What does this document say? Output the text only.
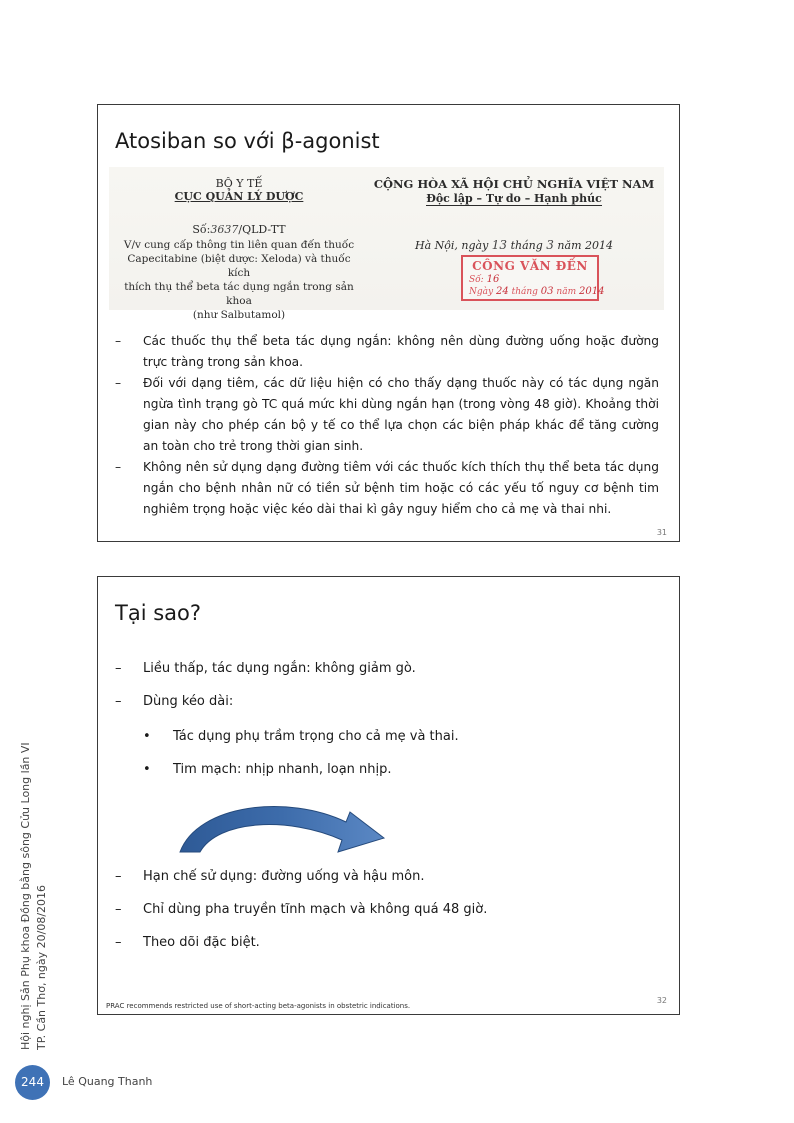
Atosiban so với β-agonist
BỘ Y TẾ
CỤC QUẢN LÝ DƯỢC
Số:3637/QLD-TT
V/v cung cấp thông tin liên quan đến thuốc
Capecitabine (biệt dược: Xeloda) và thuốc kích
thích thụ thể beta tác dụng ngắn trong sản khoa
(như Salbutamol)
CỘNG HÒA XÃ HỘI CHỦ NGHĨA VIỆT NAM
Độc lập – Tự do – Hạnh phúc
Hà Nội, ngày 13 tháng 3 năm 2014
CÔNG VĂN ĐẾN
Số: 16
Ngày 24 tháng 03 năm 2014
– Các thuốc thụ thể beta tác dụng ngắn: không nên dùng đường uống hoặc đường trực tràng trong sản khoa.
– Đối với dạng tiêm, các dữ liệu hiện có cho thấy dạng thuốc này có tác dụng ngăn ngừa tình trạng gò TC quá mức khi dùng ngắn hạn (trong vòng 48 giờ). Khoảng thời gian này cho phép cán bộ y tế co thể lựa chọn các biện pháp khác để tăng cường an toàn cho trẻ trong thời gian sinh.
– Không nên sử dụng dạng đường tiêm với các thuốc kích thích thụ thể beta tác dụng ngắn cho bệnh nhân nữ có tiền sử bệnh tim hoặc có các yếu tố nguy cơ bệnh tim nghiêm trọng hoặc việc kéo dài thai kì gây nguy hiểm cho cả mẹ và thai nhi.
31
Tại sao?
– Liều thấp, tác dụng ngắn: không giảm gò.
– Dùng kéo dài:
• Tác dụng phụ trầm trọng cho cả mẹ và thai.
• Tim mạch: nhịp nhanh, loạn nhịp.
– Hạn chế sử dụng: đường uống và hậu môn.
– Chỉ dùng pha truyền tĩnh mạch và không quá 48 giờ.
– Theo dõi đặc biệt.
PRAC recommends restricted use of short-acting beta-agonists in obstetric indications.
32
Hội nghị Sản Phụ khoa Đồng bằng sông Cửu Long lần VI TP. Cần Thơ, ngày 20/08/2016
244	Lê Quang Thanh
